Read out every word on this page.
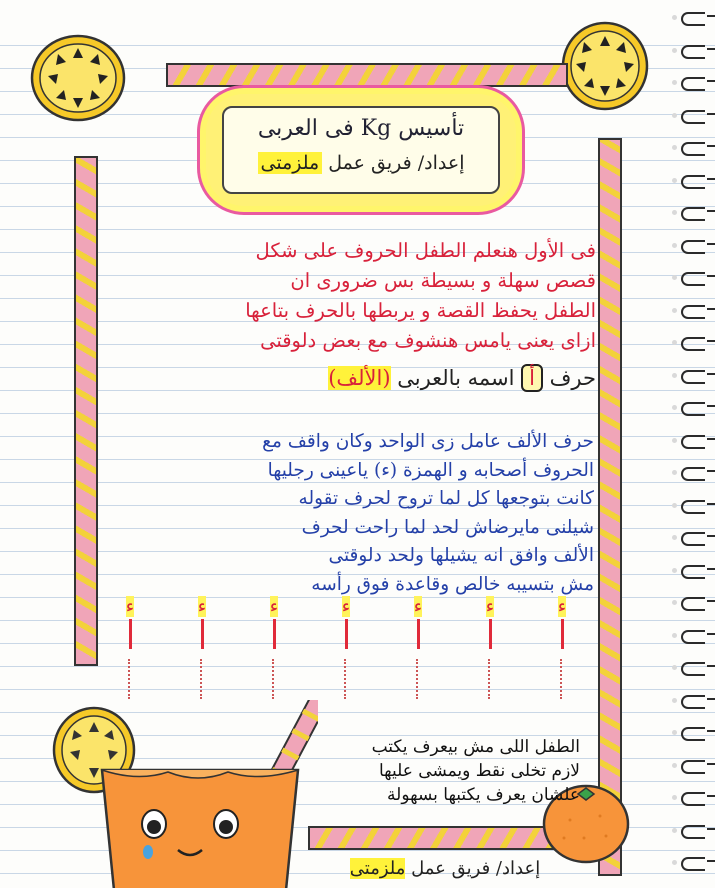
تأسيس Kg فى العربى
إعداد/ فريق عمل ملزمتى
فى الأول هنعلم الطفل الحروف على شكل
قصص سهلة و بسيطة بس ضرورى ان
الطفل يحفظ القصة و يربطها بالحرف بتاعها
ازاى يعنى يامس هنشوف مع بعض دلوقتى
حرف أ اسمه بالعربى (الألف)
حرف الألف عامل زى الواحد وكان واقف مع
الحروف أصحابه و الهمزة (ء) ياعينى رجليها
كانت بتوجعها كل لما تروح لحرف تقوله
شيلنى مايرضاش لحد لما راحت لحرف
الألف وافق انه يشيلها ولحد دلوقتى
مش بتسيبه خالص وقاعدة فوق رأسه
ء	ء	ء	ء	ء	ء	ء
الطفل اللى مش بيعرف يكتب
لازم تخلى نقط ويمشى عليها
علشان يعرف يكتبها بسهولة
إعداد/ فريق عمل ملزمتى
